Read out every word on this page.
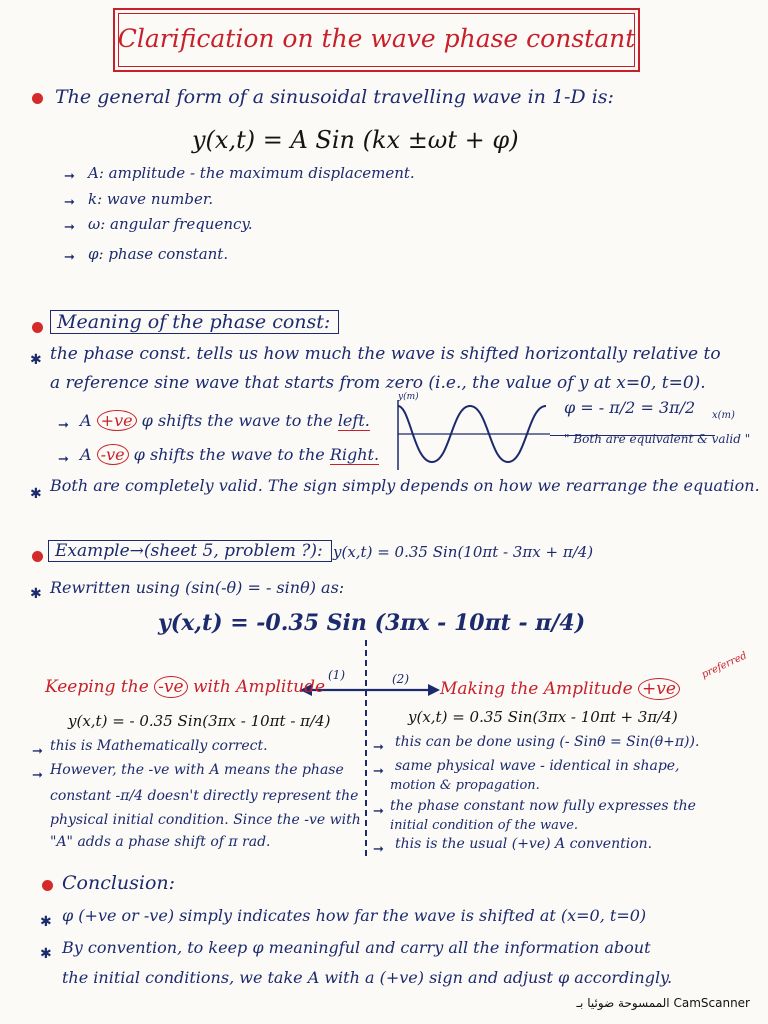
Clarification on the wave phase constant
The general form of a sinusoidal travelling wave in 1-D is:
y(x,t) = A Sin (kx ±ωt + φ)
➞ A: amplitude - the maximum displacement.
➞ k: wave number.
➞ ω: angular frequency.
➞ φ: phase constant.
Meaning of the phase const:
✱ the phase const. tells us how much the wave is shifted horizontally relative to
a reference sine wave that starts from zero (i.e., the value of y at x=0, t=0).
➞ A +ve φ shifts the wave to the left.
➞ A -ve φ shifts the wave to the Right.
y(m)
x(m)
φ = - π/2 = 3π/2
" Both are equivalent & valid "
✱ Both are completely valid. The sign simply depends on how we rearrange the equation.
Example→(sheet 5, problem ?): y(x,t) = 0.35 Sin(10πt - 3πx + π/4)
✱ Rewritten using (sin(-θ) = - sinθ) as:
y(x,t) = -0.35 Sin (3πx - 10πt - π/4)
(1)	(2)
Keeping the -ve with Amplitude
y(x,t) = - 0.35 Sin(3πx - 10πt - π/4)
➞ this is Mathematically correct.
➞ However, the -ve with A means the phase
constant -π/4 doesn't directly represent the
physical initial condition. Since the -ve with
"A" adds a phase shift of π rad.
Making the Amplitude +ve
preferred
y(x,t) = 0.35 Sin(3πx - 10πt + 3π/4)
➞ this can be done using (- Sinθ = Sin(θ+π)).
➞ same physical wave - identical in shape,
motion & propagation.
➞ the phase constant now fully expresses the
initial condition of the wave.
➞ this is the usual (+ve) A convention.
Conclusion:
✱ φ (+ve or -ve) simply indicates how far the wave is shifted at (x=0, t=0)
✱ By convention, to keep φ meaningful and carry all the information about
the initial conditions, we take A with a (+ve) sign and adjust φ accordingly.
الممسوحة ضوئيا بـ CamScanner
